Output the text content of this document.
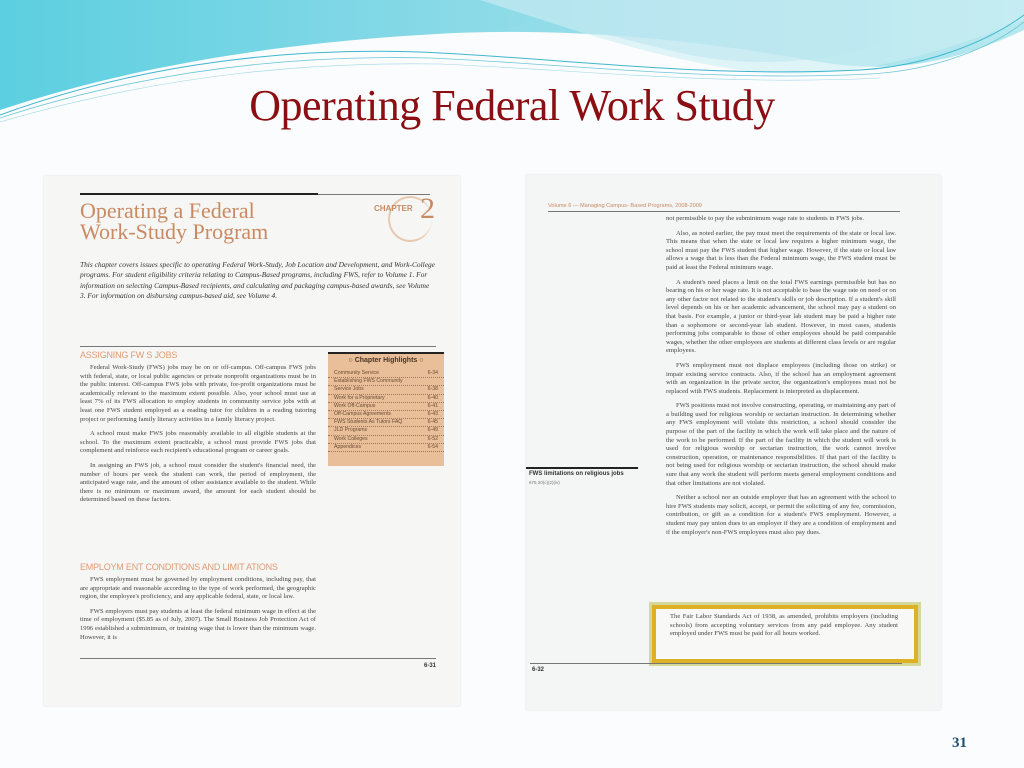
Operating Federal Work Study
Operating a Federal
Work-Study Program
CHAPTER 2
This chapter covers issues specific to operating Federal Work-Study, Job Location and Development, and Work-College programs. For student eligibility criteria relating to Campus-Based programs, including FWS, refer to Volume 1. For information on selecting Campus-Based recipients, and calculating and packaging campus-based awards, see Volume 3. For information on disbursing campus-based aid, see Volume 4.
ASSIGNING FW S JOBS

Federal Work-Study (FWS) jobs may be on or off-campus. Off-campus FWS jobs with federal, state, or local public agencies or private nonprofit organizations must be in the public interest. Off-campus FWS jobs with private, for-profit organizations must be academically relevant to the maximum extent possible. Also, your school must use at least 7% of its FWS allocation to employ students in community service jobs with at least one FWS student employed as a reading tutor for children in a reading tutoring project or performing family literacy activities in a family literacy project.

A school must make FWS jobs reasonably available to all eligible students at the school. To the maximum extent practicable, a school must provide FWS jobs that complement and reinforce each recipient's educational program or career goals.

In assigning an FWS job, a school must consider the student's financial need, the number of hours per week the student can work, the period of employment, the anticipated wage rate, and the amount of other assistance available to the student. While there is no minimum or maximum award, the amount for each student should be determined based on these factors.

○ Chapter Highlights ○
Community Service	6-34
Establishing FWS Community
Service Jobs	6-38
Work for a Proprietary	6-40
Work Off-Campus	6-41
Off-Campus Agreements	6-43
FWS Students As Tutors FAQ	6-45
JLD Programs	6-49
Work Colleges	6-52
Appendices	6-54
EMPLOYM ENT CONDITIONS AND LIMIT ATIONS

FWS employment must be governed by employment conditions, including pay, that are appropriate and reasonable according to the type of work performed, the geographic region, the employee's proficiency, and any applicable federal, state, or local law.

FWS employers must pay students at least the federal minimum wage in effect at the time of employment ($5.85 as of July, 2007). The Small Business Job Protection Act of 1996 established a subminimum, or training wage that is lower than the minimum wage. However, it is

6-31
Volume 6 — Managing Campus- Based Programs, 2008-2009

not permissible to pay the subminimum wage rate to students in FWS jobs.

Also, as noted earlier, the pay must meet the requirements of the state or local law. This means that when the state or local law requires a higher minimum wage, the school must pay the FWS student that higher wage. However, if the state or local law allows a wage that is less than the Federal minimum wage, the FWS student must be paid at least the Federal minimum wage.

A student's need places a limit on the total FWS earnings permissible but has no bearing on his or her wage rate. It is not acceptable to base the wage rate on need or on any other factor not related to the student's skills or job description. If a student's skill level depends on his or her academic advancement, the school may pay a student on that basis. For example, a junior or third-year lab student may be paid a higher rate than a sophomore or second-year lab student. However, in most cases, students performing jobs comparable to those of other employees should be paid comparable wages, whether the other employees are students at different class levels or are regular employees.

FWS employment must not displace employees (including those on strike) or impair existing service contracts. Also, if the school has an employment agreement with an organization in the private sector, the organization's employees must not be replaced with FWS students. Replacement is interpreted as displacement.

FWS positions must not involve constructing, operating, or maintaining any part of a building used for religious worship or sectarian instruction. In determining whether any FWS employment will violate this restriction, a school should consider the purpose of the part of the facility in which the work will take place and the nature of the work to be performed. If the part of the facility in which the student will work is used for religious worship or sectarian instruction, the work cannot involve construction, operation, or maintenance responsibilities. If that part of the facility is not being used for religious worship or sectarian instruction, the school should make sure that any work the student will perform meets general employment conditions and that other limitations are not violated.

Neither a school nor an outside employer that has an agreement with the school to hire FWS students may solicit, accept, or permit the soliciting of any fee, commission, contribution, or gift as a condition for a student's FWS employment. However, a student may pay union dues to an employer if they are a condition of employment and if the employer's non-FWS employees must also pay dues.

FWS limitations on religious jobs
675.20(c)(2)(iv)
The Fair Labor Standards Act of 1938, as amended, prohibits employers (including schools) from accepting voluntary services from any paid employee. Any student employed under FWS must be paid for all hours worked.
6-32
31
